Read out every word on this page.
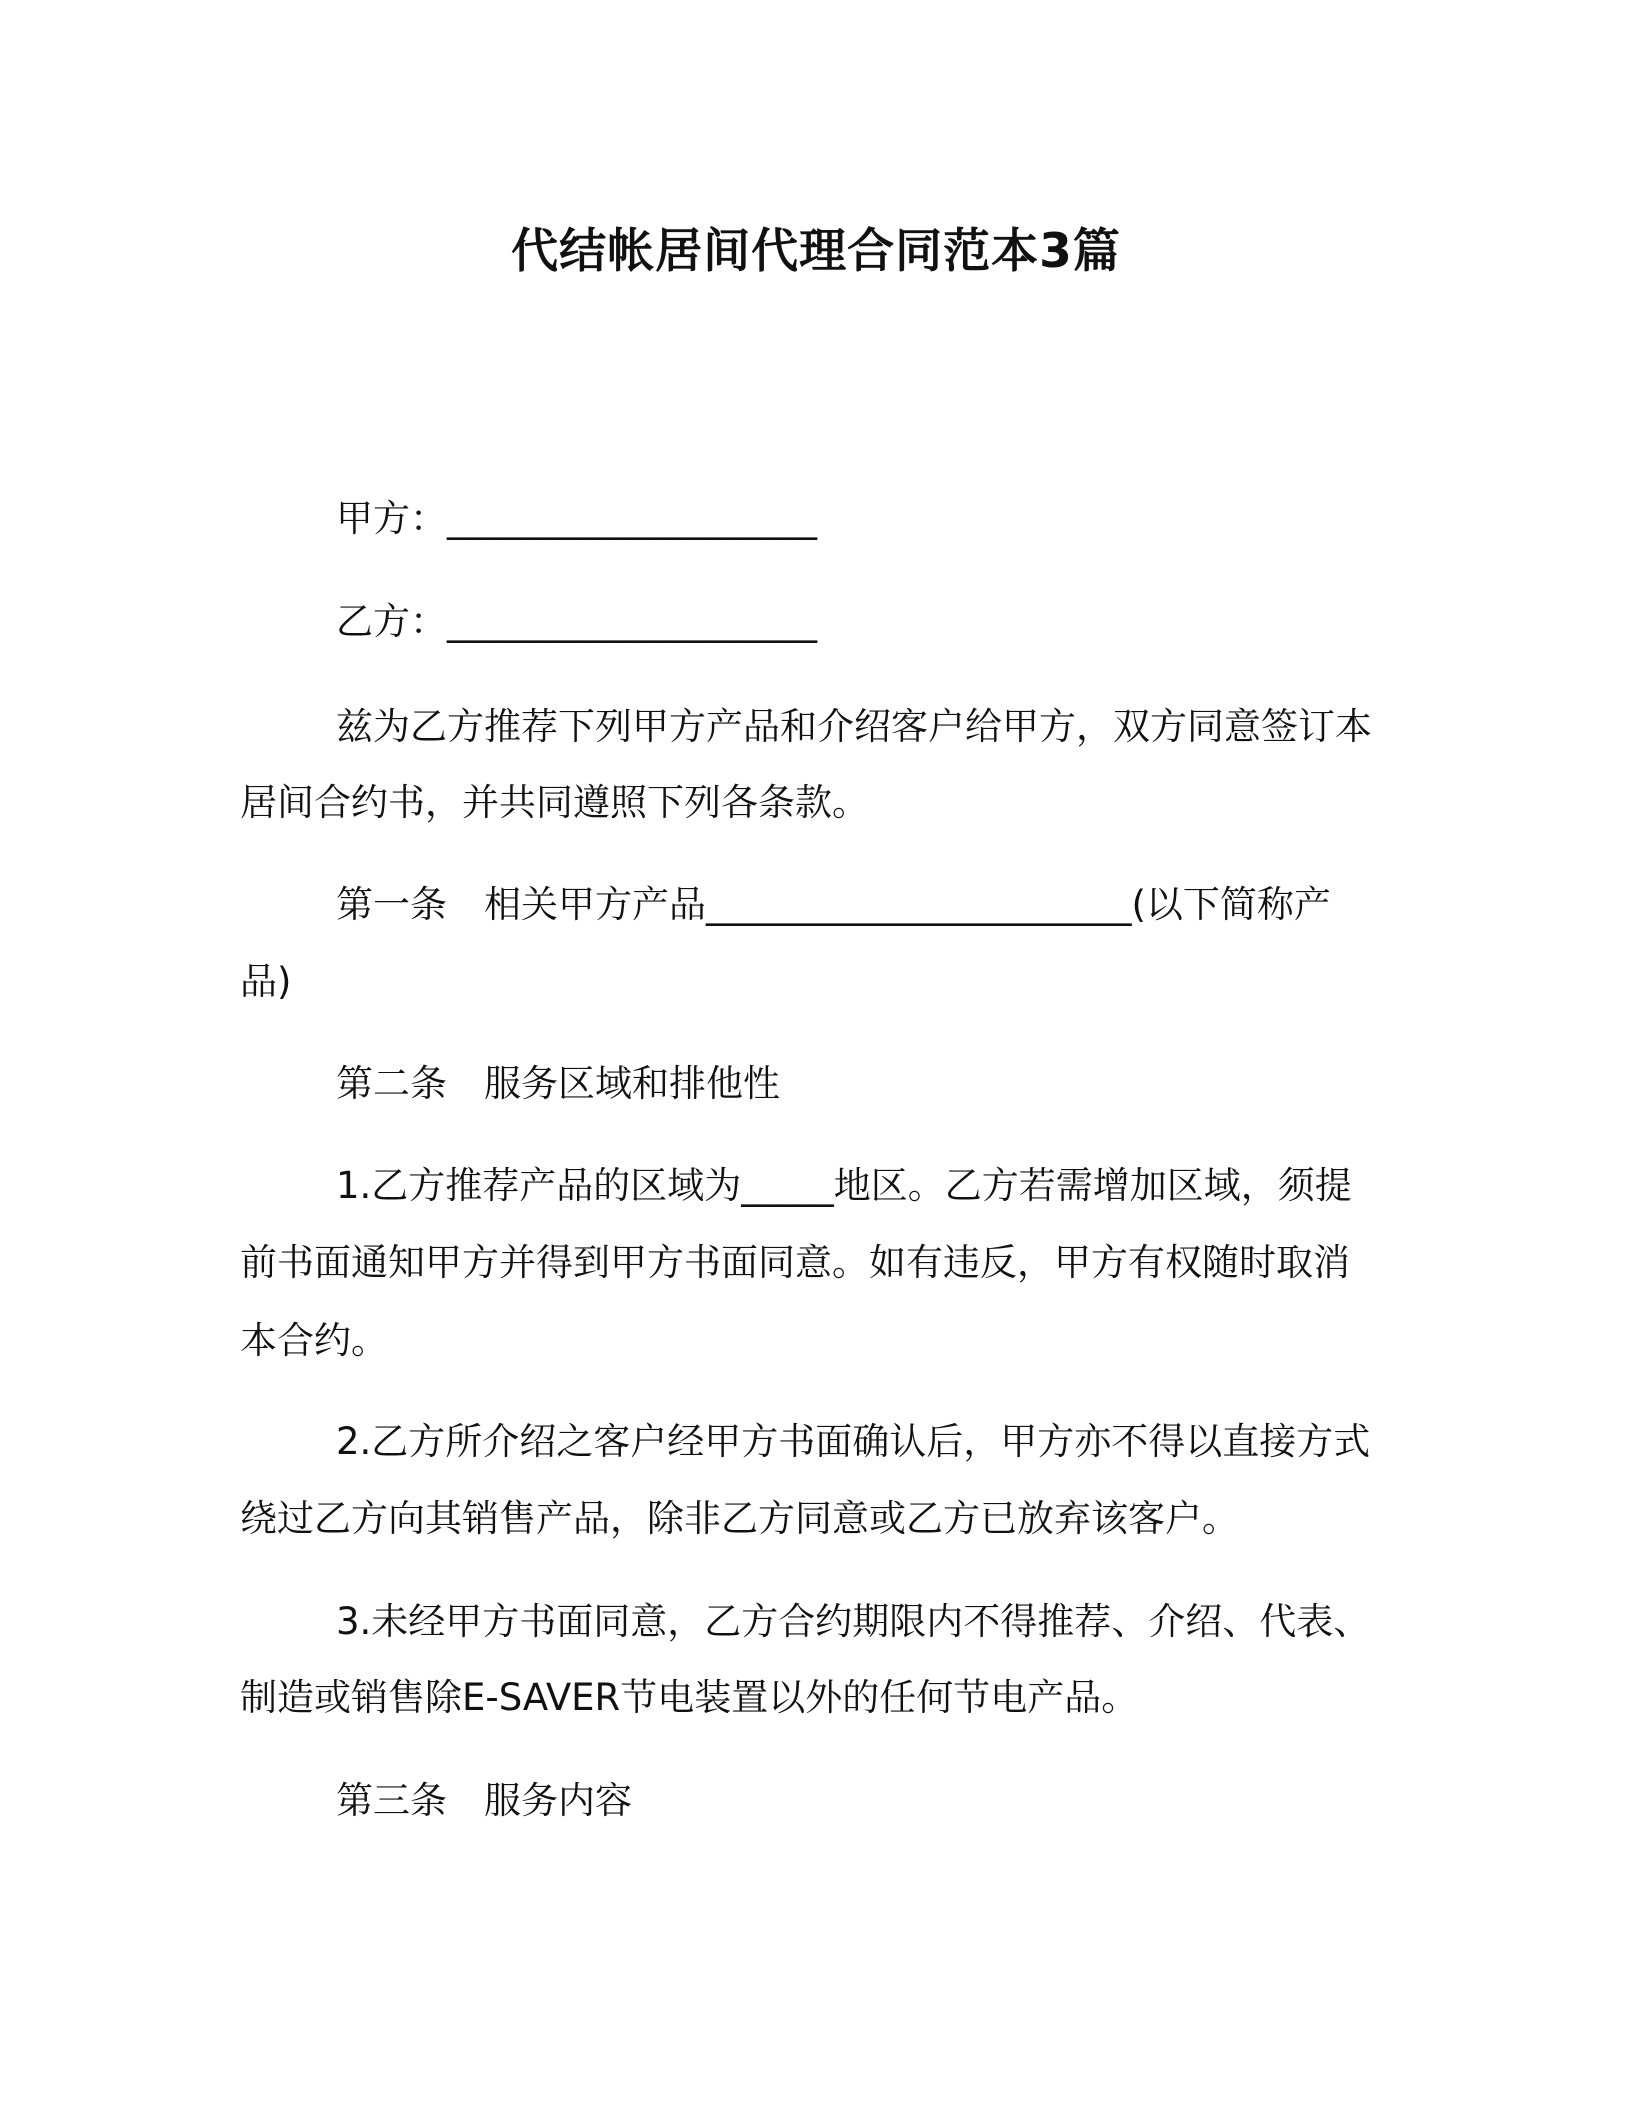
代结帐居间代理合同范本3篇
甲方：____________________
乙方：____________________
兹为乙方推荐下列甲方产品和介绍客户给甲方，双方同意签订本
居间合约书，并共同遵照下列各条款。
第一条　相关甲方产品_______________________(以下简称产
品)
第二条　服务区域和排他性
1.乙方推荐产品的区域为_____地区。乙方若需增加区域，须提
前书面通知甲方并得到甲方书面同意。如有违反，甲方有权随时取消
本合约。
2.乙方所介绍之客户经甲方书面确认后，甲方亦不得以直接方式
绕过乙方向其销售产品，除非乙方同意或乙方已放弃该客户。
3.未经甲方书面同意，乙方合约期限内不得推荐、介绍、代表、
制造或销售除E-SAVER节电装置以外的任何节电产品。
第三条　服务内容
